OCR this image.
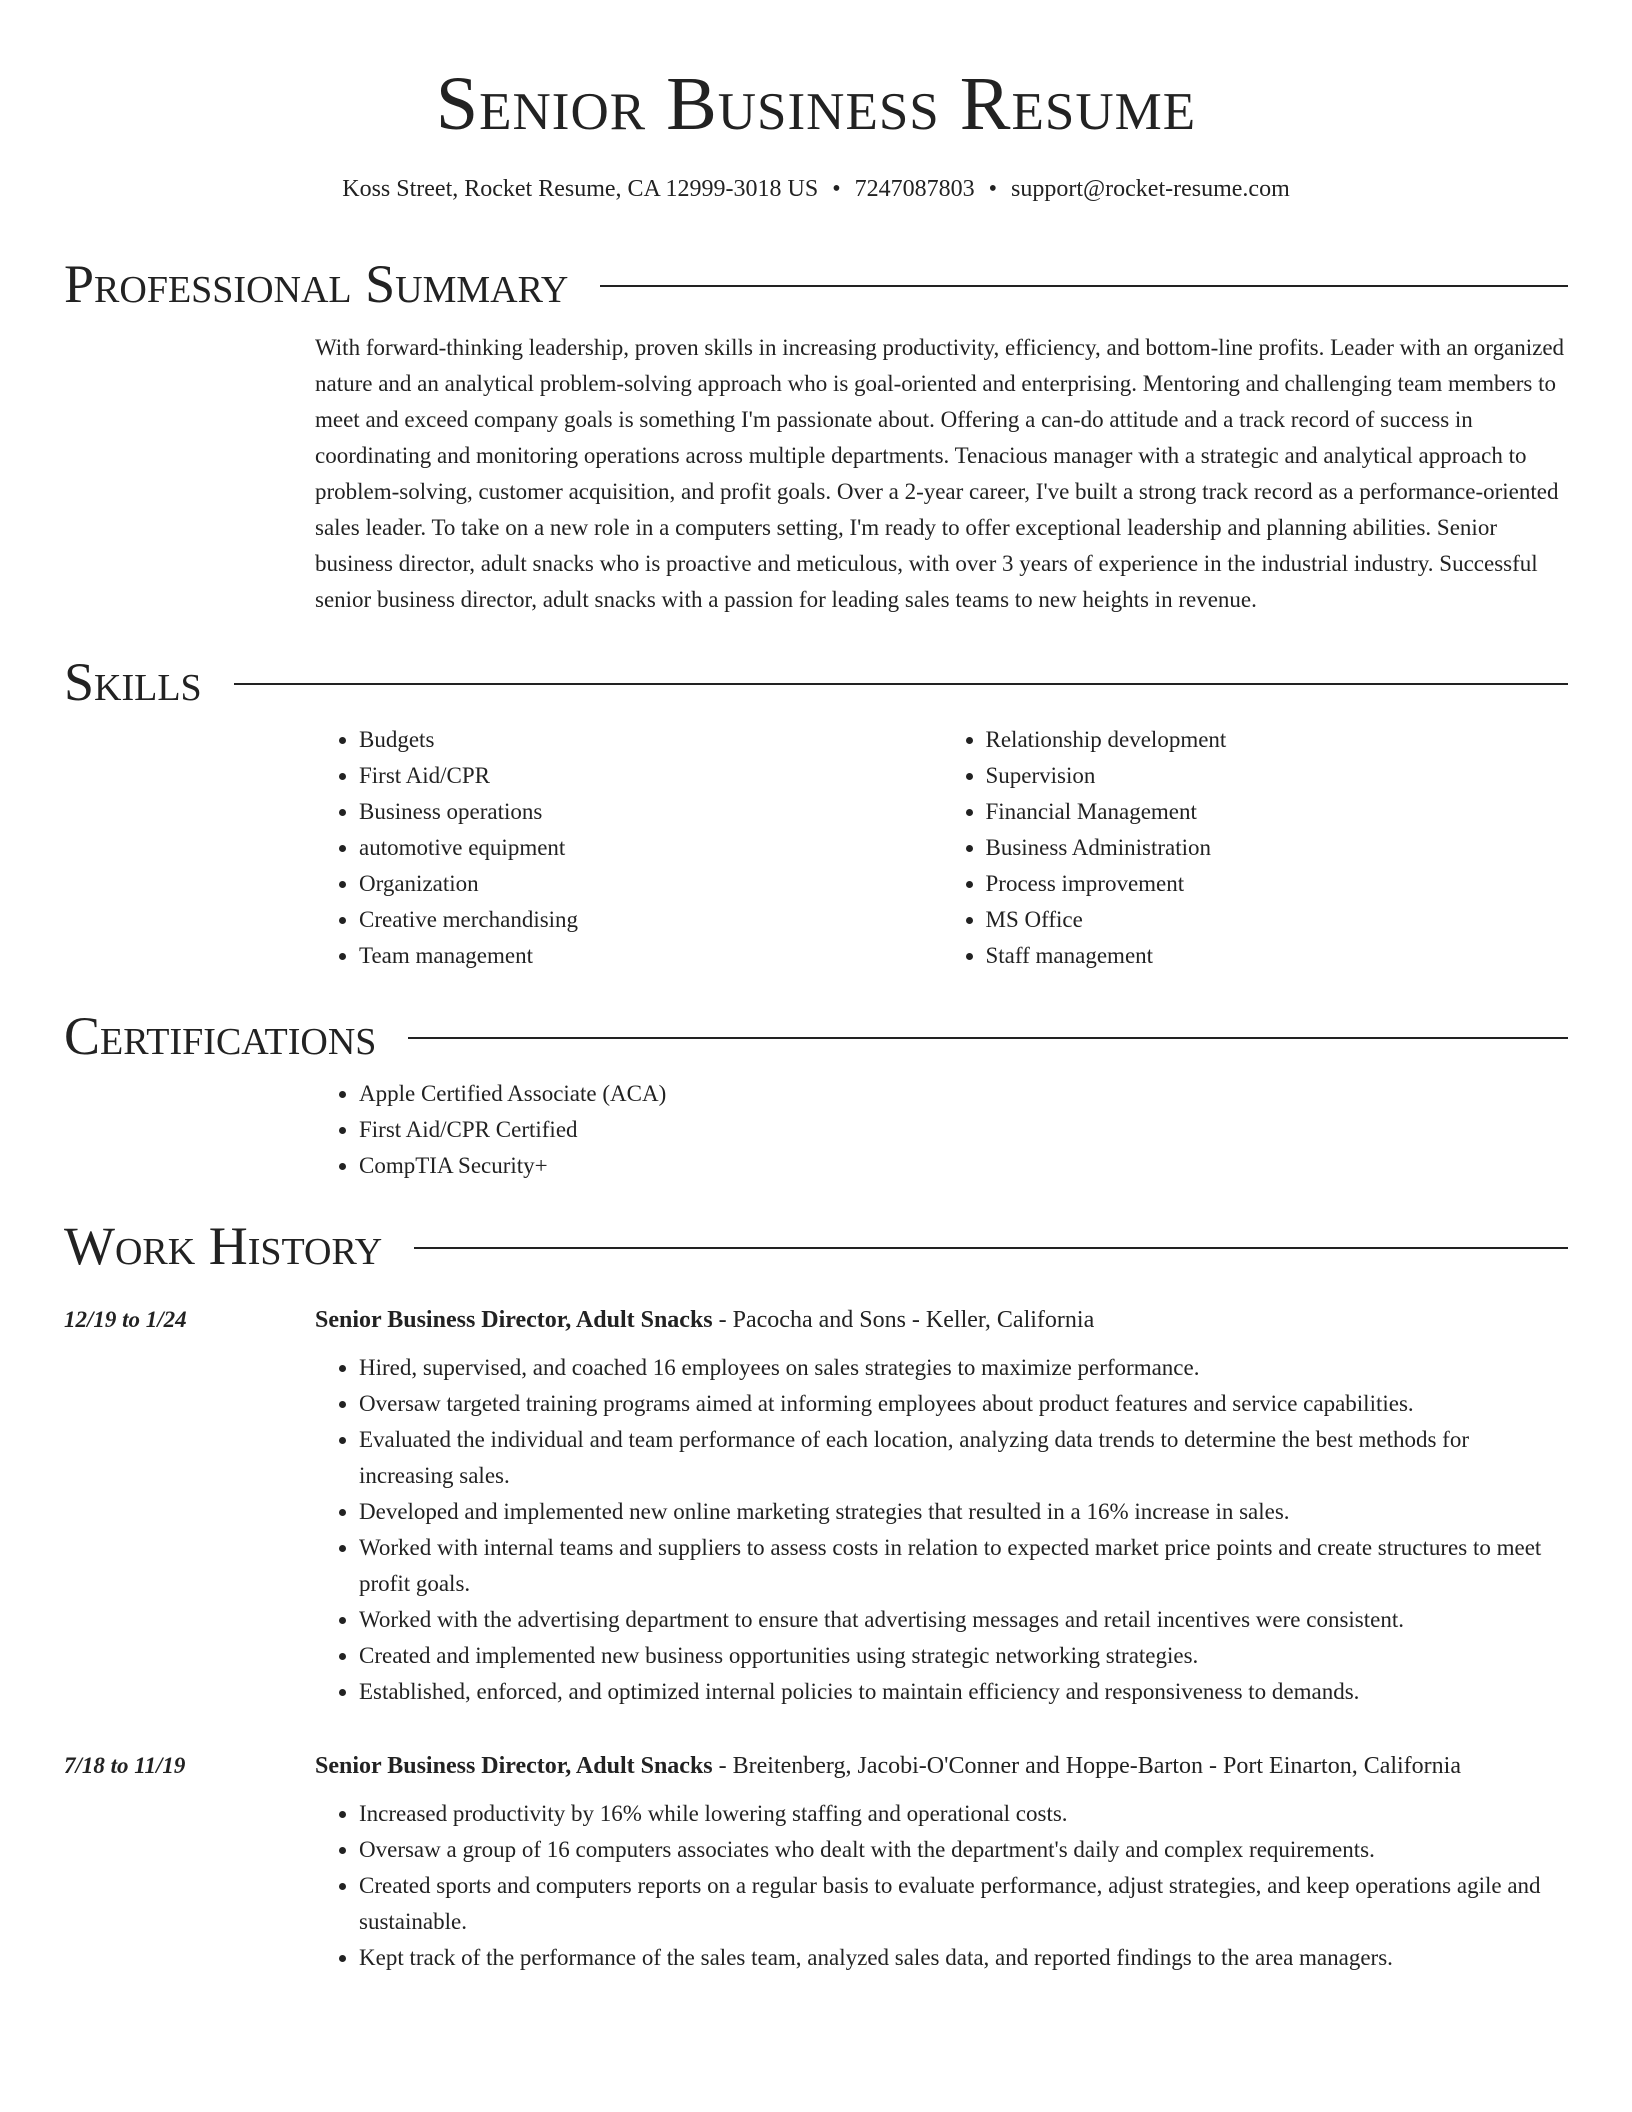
Senior Business Resume
Koss Street, Rocket Resume, CA 12999-3018 US • 7247087803 • support@rocket-resume.com
Professional Summary
With forward-thinking leadership, proven skills in increasing productivity, efficiency, and bottom-line profits. Leader with an organized nature and an analytical problem-solving approach who is goal-oriented and enterprising. Mentoring and challenging team members to meet and exceed company goals is something I'm passionate about. Offering a can-do attitude and a track record of success in coordinating and monitoring operations across multiple departments. Tenacious manager with a strategic and analytical approach to problem-solving, customer acquisition, and profit goals. Over a 2-year career, I've built a strong track record as a performance-oriented sales leader. To take on a new role in a computers setting, I'm ready to offer exceptional leadership and planning abilities. Senior business director, adult snacks who is proactive and meticulous, with over 3 years of experience in the industrial industry. Successful senior business director, adult snacks with a passion for leading sales teams to new heights in revenue.
Skills
• Budgets
• First Aid/CPR
• Business operations
• automotive equipment
• Organization
• Creative merchandising
• Team management
• Relationship development
• Supervision
• Financial Management
• Business Administration
• Process improvement
• MS Office
• Staff management
Certifications
• Apple Certified Associate (ACA)
• First Aid/CPR Certified
• CompTIA Security+
Work History
12/19 to 1/24	Senior Business Director, Adult Snacks - Pacocha and Sons - Keller, California
• Hired, supervised, and coached 16 employees on sales strategies to maximize performance.
• Oversaw targeted training programs aimed at informing employees about product features and service capabilities.
• Evaluated the individual and team performance of each location, analyzing data trends to determine the best methods for increasing sales.
• Developed and implemented new online marketing strategies that resulted in a 16% increase in sales.
• Worked with internal teams and suppliers to assess costs in relation to expected market price points and create structures to meet profit goals.
• Worked with the advertising department to ensure that advertising messages and retail incentives were consistent.
• Created and implemented new business opportunities using strategic networking strategies.
• Established, enforced, and optimized internal policies to maintain efficiency and responsiveness to demands.
7/18 to 11/19	Senior Business Director, Adult Snacks - Breitenberg, Jacobi-O'Conner and Hoppe-Barton - Port Einarton, California
• Increased productivity by 16% while lowering staffing and operational costs.
• Oversaw a group of 16 computers associates who dealt with the department's daily and complex requirements.
• Created sports and computers reports on a regular basis to evaluate performance, adjust strategies, and keep operations agile and sustainable.
• Kept track of the performance of the sales team, analyzed sales data, and reported findings to the area managers.
